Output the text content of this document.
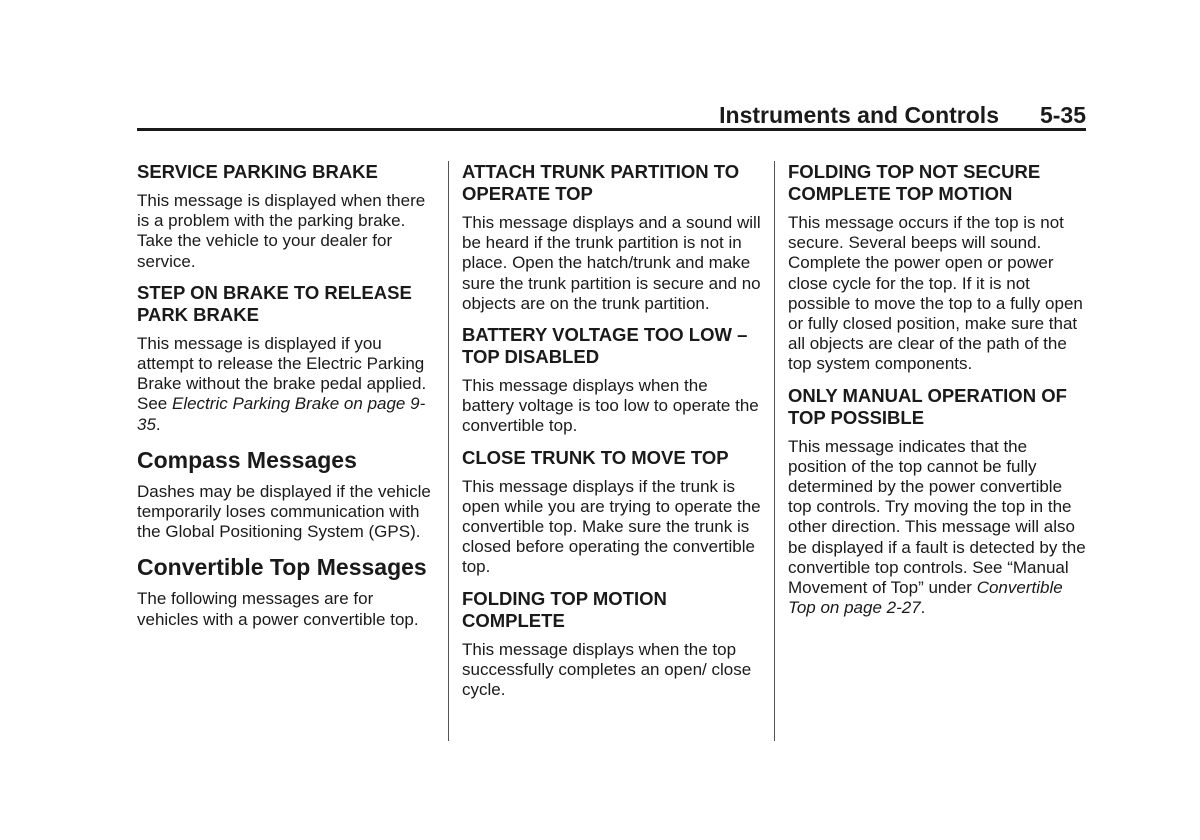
Instruments and Controls 5-35
SERVICE PARKING BRAKE
This message is displayed when there is a problem with the parking brake. Take the vehicle to your dealer for service.
STEP ON BRAKE TO RELEASE PARK BRAKE
This message is displayed if you attempt to release the Electric Parking Brake without the brake pedal applied. See Electric Parking Brake on page 9-35.
Compass Messages
Dashes may be displayed if the vehicle temporarily loses communication with the Global Positioning System (GPS).
Convertible Top Messages
The following messages are for vehicles with a power convertible top.
ATTACH TRUNK PARTITION TO OPERATE TOP
This message displays and a sound will be heard if the trunk partition is not in place. Open the hatch/trunk and make sure the trunk partition is secure and no objects are on the trunk partition.
BATTERY VOLTAGE TOO LOW – TOP DISABLED
This message displays when the battery voltage is too low to operate the convertible top.
CLOSE TRUNK TO MOVE TOP
This message displays if the trunk is open while you are trying to operate the convertible top. Make sure the trunk is closed before operating the convertible top.
FOLDING TOP MOTION COMPLETE
This message displays when the top successfully completes an open/ close cycle.
FOLDING TOP NOT SECURE COMPLETE TOP MOTION
This message occurs if the top is not secure. Several beeps will sound. Complete the power open or power close cycle for the top. If it is not possible to move the top to a fully open or fully closed position, make sure that all objects are clear of the path of the top system components.
ONLY MANUAL OPERATION OF TOP POSSIBLE
This message indicates that the position of the top cannot be fully determined by the power convertible top controls. Try moving the top in the other direction. This message will also be displayed if a fault is detected by the convertible top controls. See “Manual Movement of Top” under Convertible Top on page 2-27.
